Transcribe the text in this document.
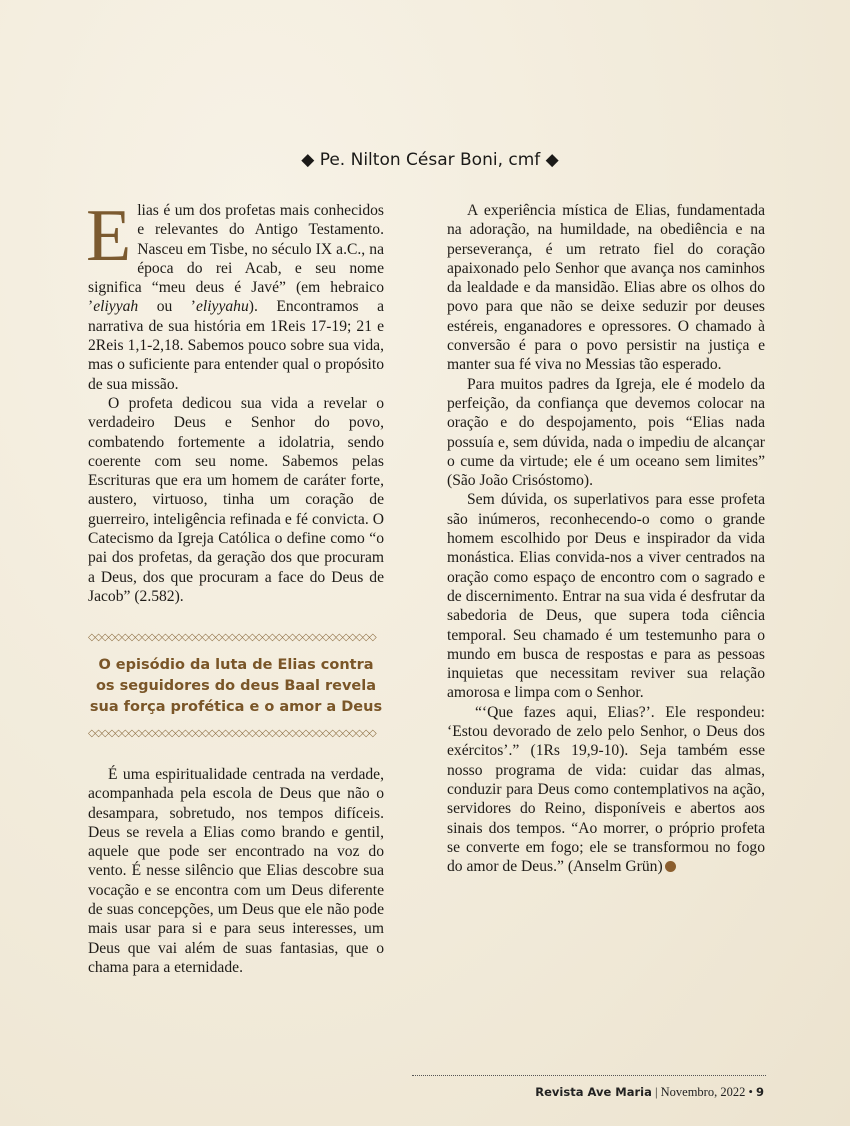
◆ Pe. Nilton César Boni, cmf ◆

Elias é um dos profetas mais conhecidos e relevantes do Antigo Testamento. Nasceu em Tisbe, no século IX a.C., na época do rei Acab, e seu nome significa “meu deus é Javé” (em hebraico ’eliyyah ou ’eliyyahu). Encontramos a narrativa de sua história em 1Reis 17-19; 21 e 2Reis 1,1-2,18. Sabemos pouco sobre sua vida, mas o suficiente para entender qual o propósito de sua missão.

O profeta dedicou sua vida a revelar o verdadeiro Deus e Senhor do povo, combatendo fortemente a idolatria, sendo coerente com seu nome. Sabemos pelas Escrituras que era um homem de caráter forte, austero, virtuoso, tinha um coração de guerreiro, inteligência refinada e fé convicta. O Catecismo da Igreja Católica o define como “o pai dos profetas, da geração dos que procuram a Deus, dos que procuram a face do Deus de Jacob” (2.582).

◇◇◇◇◇◇◇◇◇◇◇◇◇◇◇◇◇◇◇◇◇◇◇◇◇◇◇◇◇◇◇◇◇◇◇◇◇◇◇◇◇◇◇
O episódio da luta de Elias contra os seguidores do deus Baal revela sua força profética e o amor a Deus
◇◇◇◇◇◇◇◇◇◇◇◇◇◇◇◇◇◇◇◇◇◇◇◇◇◇◇◇◇◇◇◇◇◇◇◇◇◇◇◇◇◇◇

É uma espiritualidade centrada na verdade, acompanhada pela escola de Deus que não o desampara, sobretudo, nos tempos difíceis. Deus se revela a Elias como brando e gentil, aquele que pode ser encontrado na voz do vento. É nesse silêncio que Elias descobre sua vocação e se encontra com um Deus diferente de suas concepções, um Deus que ele não pode mais usar para si e para seus interesses, um Deus que vai além de suas fantasias, que o chama para a eternidade.

A experiência mística de Elias, fundamentada na adoração, na humildade, na obediência e na perseverança, é um retrato fiel do coração apaixonado pelo Senhor que avança nos caminhos da lealdade e da mansidão. Elias abre os olhos do povo para que não se deixe seduzir por deuses estéreis, enganadores e opressores. O chamado à conversão é para o povo persistir na justiça e manter sua fé viva no Messias tão esperado.

Para muitos padres da Igreja, ele é modelo da perfeição, da confiança que devemos colocar na oração e do despojamento, pois “Elias nada possuía e, sem dúvida, nada o impediu de alcançar o cume da virtude; ele é um oceano sem limites” (São João Crisóstomo).

Sem dúvida, os superlativos para esse profeta são inúmeros, reconhecendo-o como o grande homem escolhido por Deus e inspirador da vida monástica. Elias convida-nos a viver centrados na oração como espaço de encontro com o sagrado e de discernimento. Entrar na sua vida é desfrutar da sabedoria de Deus, que supera toda ciência temporal. Seu chamado é um testemunho para o mundo em busca de respostas e para as pessoas inquietas que necessitam reviver sua relação amorosa e limpa com o Senhor.

“‘Que fazes aqui, Elias?’. Ele respondeu: ‘Estou devorado de zelo pelo Senhor, o Deus dos exércitos’.” (1Rs 19,9-10). Seja também esse nosso programa de vida: cuidar das almas, conduzir para Deus como contemplativos na ação, servidores do Reino, disponíveis e abertos aos sinais dos tempos. “Ao morrer, o próprio profeta se converte em fogo; ele se transformou no fogo do amor de Deus.” (Anselm Grün)

Revista Ave Maria | Novembro, 2022 • 9
